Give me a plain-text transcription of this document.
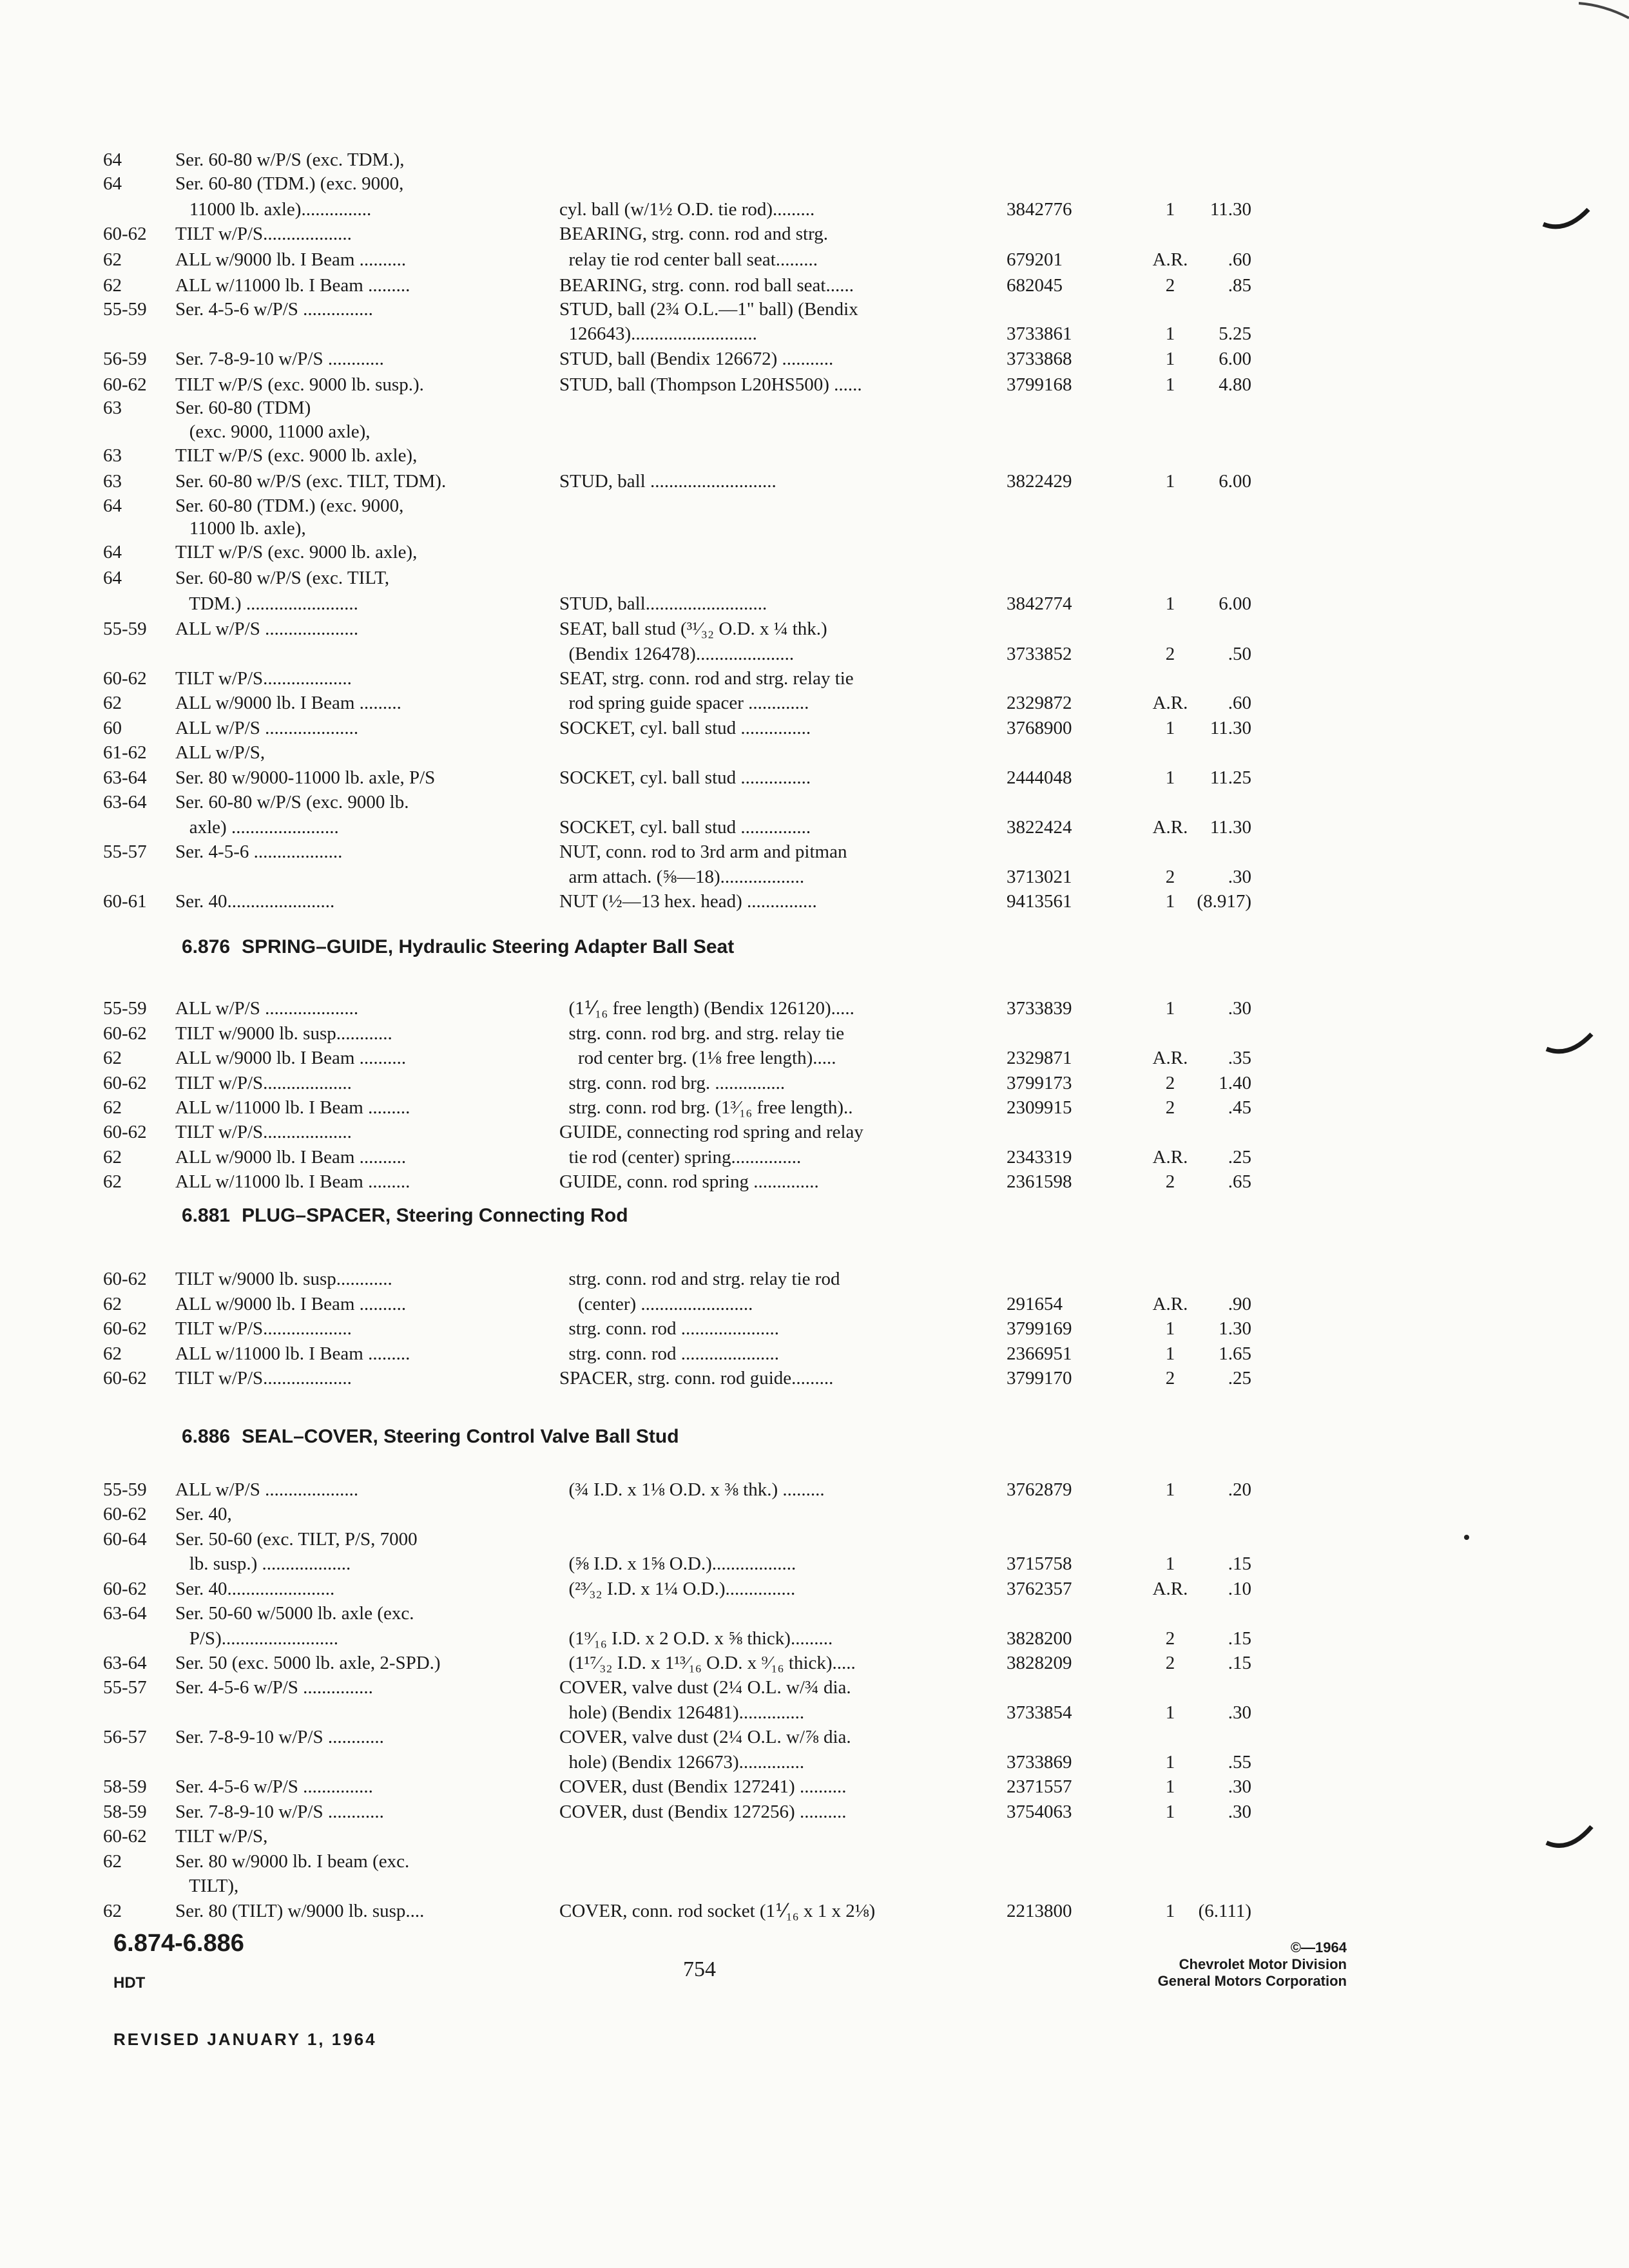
64	Ser. 60-80 w/P/S (exc. TDM.),
64	Ser. 60-80 (TDM.) (exc. 9000,
11000 lb. axle)...............	cyl. ball (w/1½ O.D. tie rod).........	3842776	1	11.30
60-62 TILT w/P/S...................	BEARING, strg. conn. rod and strg.
62	ALL w/9000 lb. I Beam ..........	relay tie rod center ball seat.........	679201	A.R.	.60
62	ALL w/11000 lb. I Beam .........	BEARING, strg. conn. rod ball seat......	682045	2	.85
55-59 Ser. 4-5-6 w/P/S ...............	STUD, ball (2¾ O.L.—1" ball) (Bendix
126643)...........................	3733861	1	5.25
56-59 Ser. 7-8-9-10 w/P/S ............	STUD, ball (Bendix 126672) ...........	3733868	1	6.00
60-62 TILT w/P/S (exc. 9000 lb. susp.).	STUD, ball (Thompson L20HS500) ......	3799168	1	4.80
63	Ser. 60-80 (TDM)
(exc. 9000, 11000 axle),
63	TILT w/P/S (exc. 9000 lb. axle),
63	Ser. 60-80 w/P/S (exc. TILT, TDM).	STUD, ball ...........................	3822429	1	6.00
64	Ser. 60-80 (TDM.) (exc. 9000,
11000 lb. axle),
64	TILT w/P/S (exc. 9000 lb. axle),
64	Ser. 60-80 w/P/S (exc. TILT,
TDM.) ........................	STUD, ball..........................	3842774	1	6.00
55-59 ALL w/P/S ....................	SEAT, ball stud (³¹⁄₃₂ O.D. x ¼ thk.)
(Bendix 126478).....................	3733852	2	.50
60-62 TILT w/P/S...................	SEAT, strg. conn. rod and strg. relay tie
62	ALL w/9000 lb. I Beam .........	rod spring guide spacer .............	2329872	A.R.	.60
60	ALL w/P/S ....................	SOCKET, cyl. ball stud ...............	3768900	1	11.30
61-62 ALL w/P/S,
63-64 Ser. 80 w/9000-11000 lb. axle, P/S	SOCKET, cyl. ball stud ...............	2444048	1	11.25
63-64 Ser. 60-80 w/P/S (exc. 9000 lb.
axle) .......................	SOCKET, cyl. ball stud ...............	3822424	A.R.	11.30
55-57 Ser. 4-5-6 ...................	NUT, conn. rod to 3rd arm and pitman
arm attach. (⅝—18)..................	3713021	2	.30
60-61 Ser. 40.......................	NUT (½—13 hex. head) ...............	9413561	1	(8.917)
55-59 ALL w/P/S ....................	(1⅟₁₆ free length) (Bendix 126120).....	3733839	1	.30
60-62 TILT w/9000 lb. susp............	strg. conn. rod brg. and strg. relay tie
62	ALL w/9000 lb. I Beam ..........	rod center brg. (1⅛ free length).....	2329871	A.R.	.35
60-62 TILT w/P/S...................	strg. conn. rod brg. ...............	3799173	2	1.40
62	ALL w/11000 lb. I Beam .........	strg. conn. rod brg. (1³⁄₁₆ free length)..	2309915	2	.45
60-62 TILT w/P/S...................	GUIDE, connecting rod spring and relay
62	ALL w/9000 lb. I Beam ..........	tie rod (center) spring...............	2343319	A.R.	.25
62	ALL w/11000 lb. I Beam .........	GUIDE, conn. rod spring ..............	2361598	2	.65
60-62 TILT w/9000 lb. susp............	strg. conn. rod and strg. relay tie rod
62	ALL w/9000 lb. I Beam ..........	(center) ........................	291654	A.R.	.90
60-62 TILT w/P/S...................	strg. conn. rod .....................	3799169	1	1.30
62	ALL w/11000 lb. I Beam .........	strg. conn. rod .....................	2366951	1	1.65
60-62 TILT w/P/S...................	SPACER, strg. conn. rod guide.........	3799170	2	.25
55-59 ALL w/P/S ....................	(¾ I.D. x 1⅛ O.D. x ⅜ thk.) .........	3762879	1	.20
60-62 Ser. 40,
60-64 Ser. 50-60 (exc. TILT, P/S, 7000
lb. susp.) ...................	(⅝ I.D. x 1⅝ O.D.)..................	3715758	1	.15
60-62 Ser. 40.......................	(²³⁄₃₂ I.D. x 1¼ O.D.)...............	3762357	A.R.	.10
63-64 Ser. 50-60 w/5000 lb. axle (exc.
P/S).........................	(1⁹⁄₁₆ I.D. x 2 O.D. x ⅝ thick).........	3828200	2	.15
63-64 Ser. 50 (exc. 5000 lb. axle, 2-SPD.)	(1¹⁷⁄₃₂ I.D. x 1¹³⁄₁₆ O.D. x ⁹⁄₁₆ thick).....	3828209	2	.15
55-57 Ser. 4-5-6 w/P/S ...............	COVER, valve dust (2¼ O.L. w/¾ dia.
hole) (Bendix 126481)..............	3733854	1	.30
56-57 Ser. 7-8-9-10 w/P/S ............	COVER, valve dust (2¼ O.L. w/⅞ dia.
hole) (Bendix 126673)..............	3733869	1	.55
58-59 Ser. 4-5-6 w/P/S ...............	COVER, dust (Bendix 127241) ..........	2371557	1	.30
58-59 Ser. 7-8-9-10 w/P/S ............	COVER, dust (Bendix 127256) ..........	3754063	1	.30
60-62 TILT w/P/S,
62	Ser. 80 w/9000 lb. I beam (exc.
TILT),
62	Ser. 80 (TILT) w/9000 lb. susp....	COVER, conn. rod socket (1⅟₁₆ x 1 x 2⅛)	2213800	1	(6.111)
6.876 SPRING–GUIDE, Hydraulic Steering Adapter Ball Seat
6.881 PLUG–SPACER, Steering Connecting Rod
6.886 SEAL–COVER, Steering Control Valve Ball Stud
6.874-6.886
HDT
754
REVISED JANUARY 1, 1964
©—1964
Chevrolet Motor Division
General Motors Corporation
